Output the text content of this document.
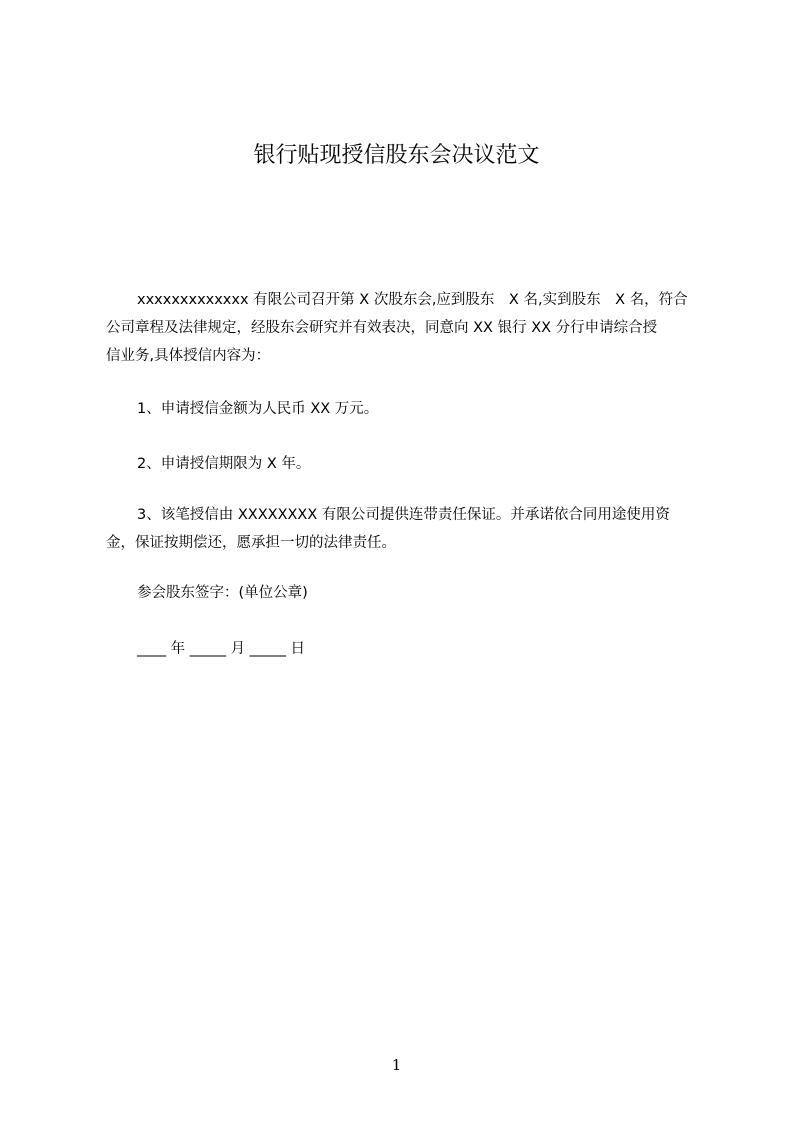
银行贴现授信股东会决议范文
xxxxxxxxxxxxx 有限公司召开第 X 次股东会,应到股东　X 名,实到股东　X 名，符合
公司章程及法律规定，经股东会研究并有效表决，同意向 XX 银行 XX 分行申请综合授
信业务,具体授信内容为：
1、申请授信金额为人民币 XX 万元。
2、申请授信期限为 X 年。
3、该笔授信由 XXXXXXXX 有限公司提供连带责任保证。并承诺依合同用途使用资
金，保证按期偿还，愿承担一切的法律责任。
参会股东签字：(单位公章)
____ 年 _____ 月 _____ 日
1
